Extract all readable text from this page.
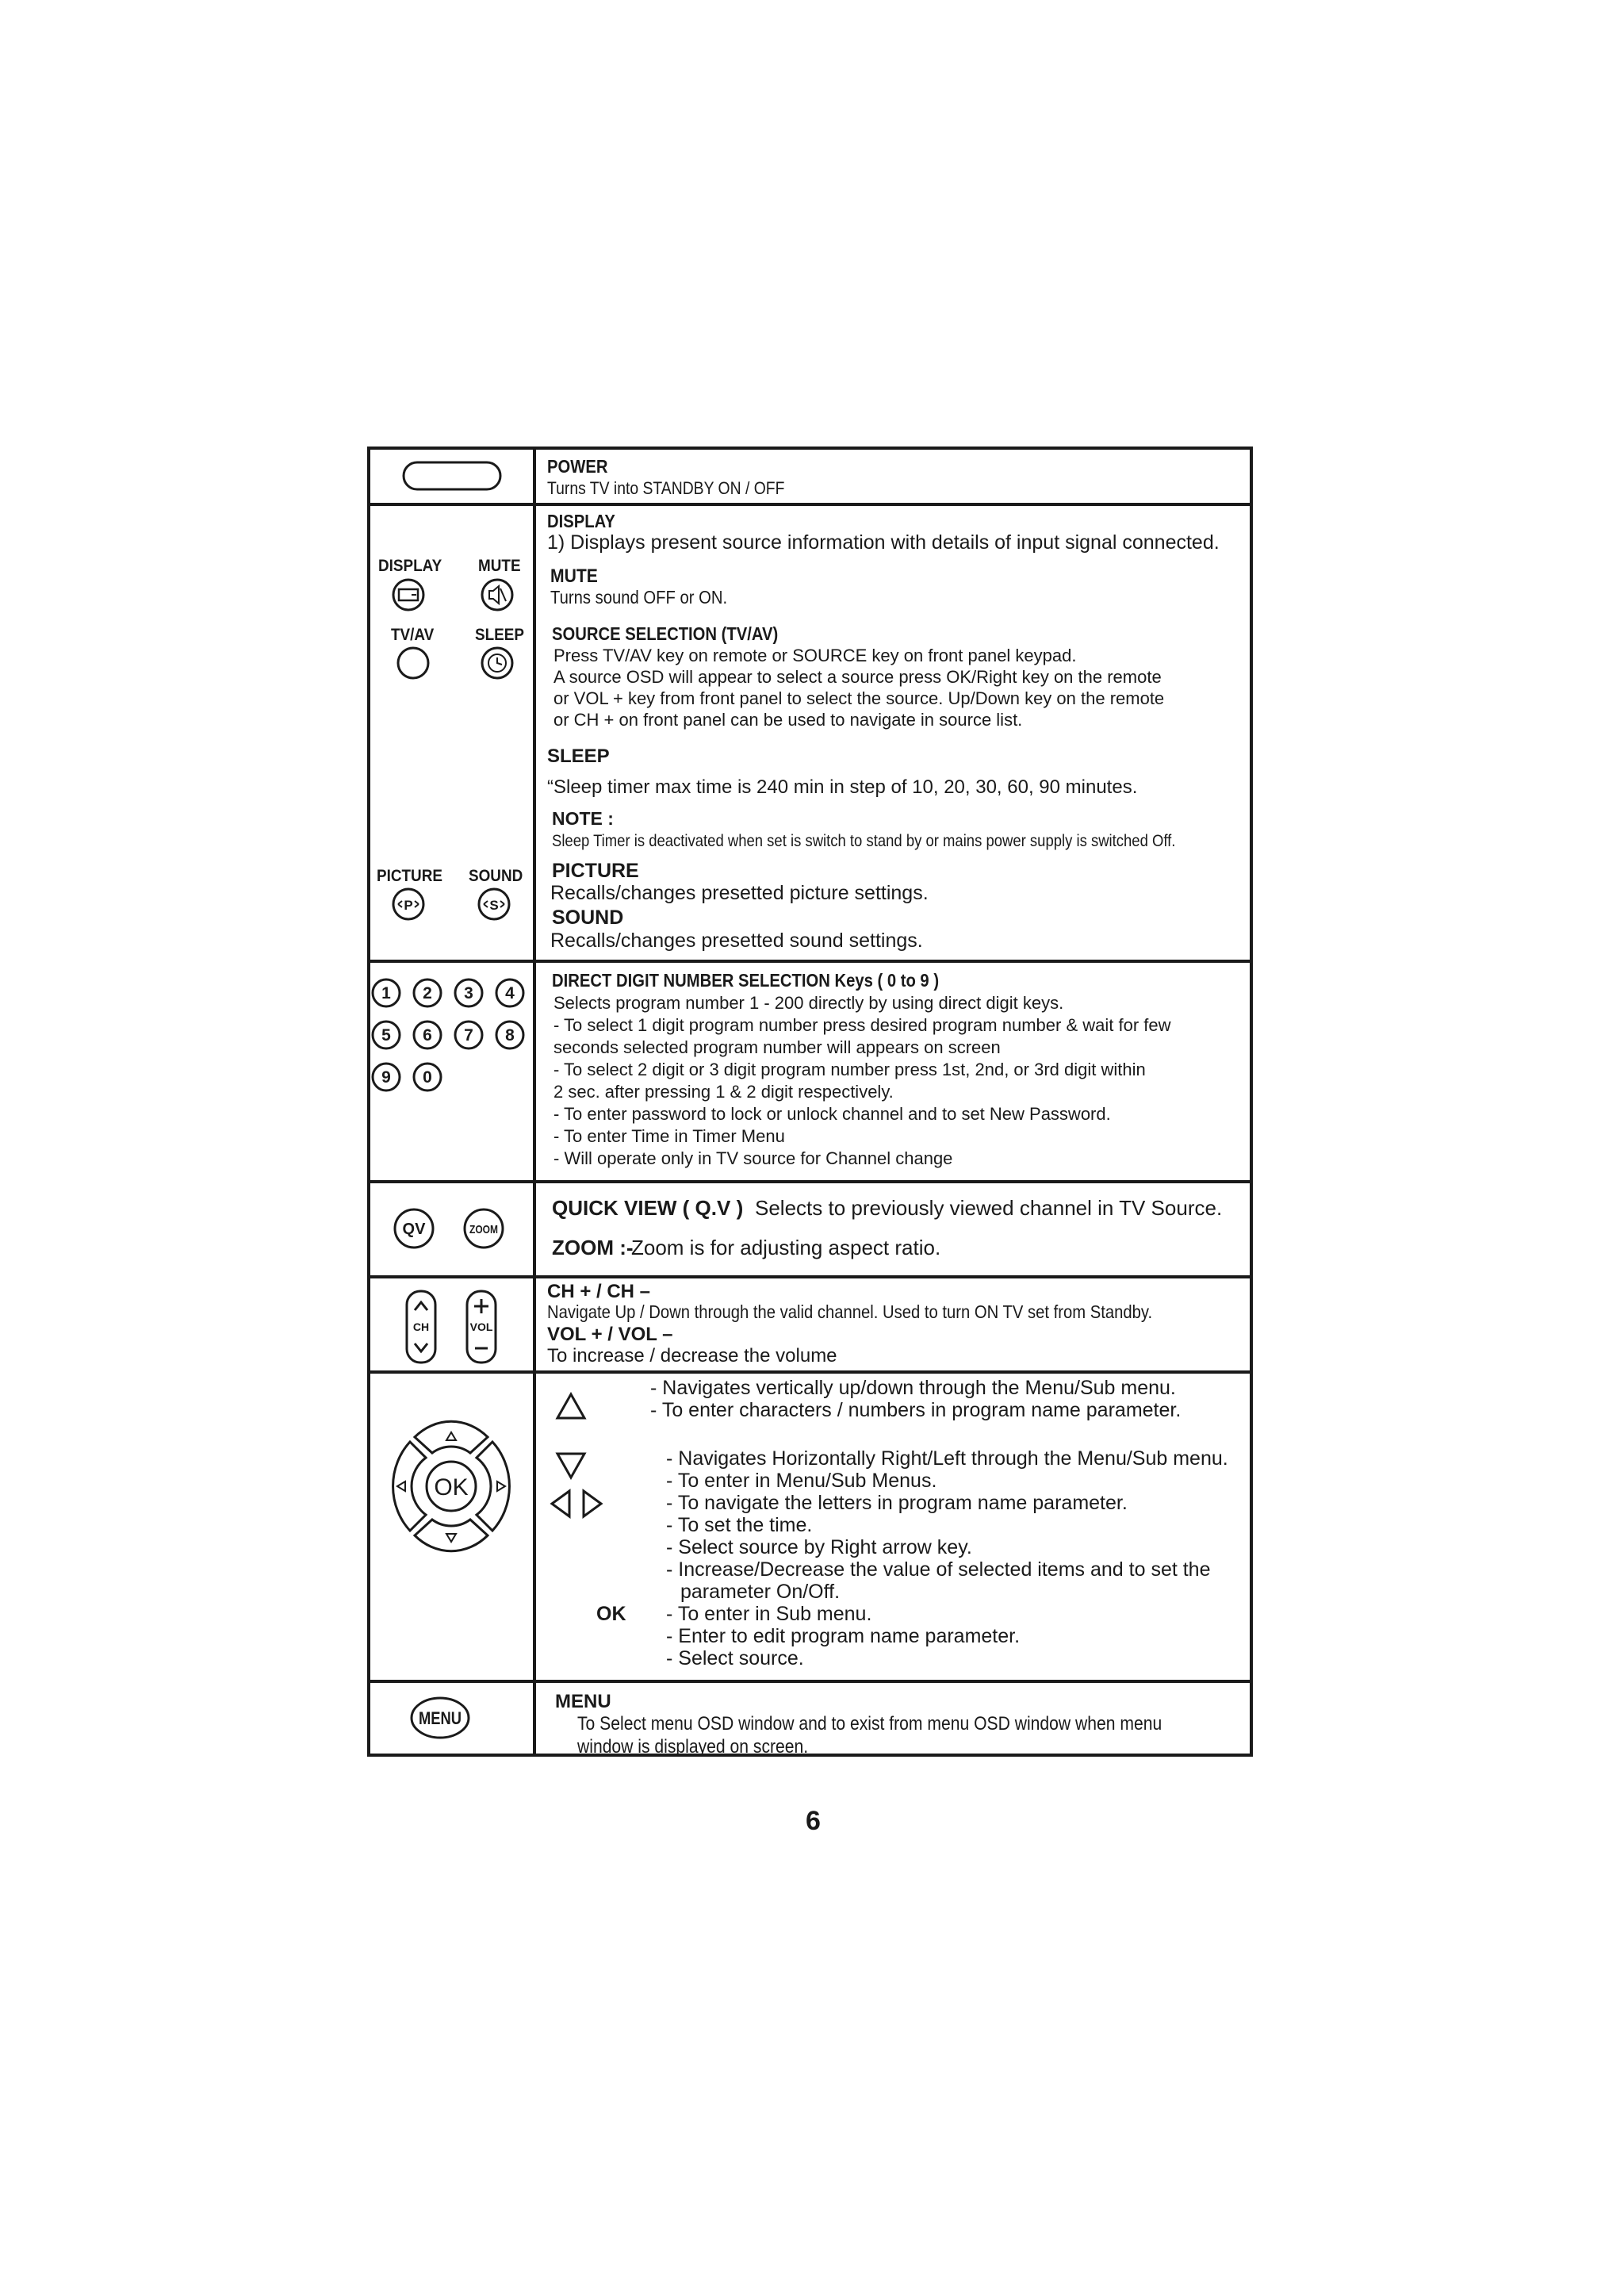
POWER
Turns TV into STANDBY ON / OFF
DISPLAY MUTE
TV/AV SLEEP
PICTURE SOUND
P	S
DISPLAY
1) Displays present source information with details of input signal connected.
MUTE
Turns sound OFF or ON.
SOURCE SELECTION (TV/AV)
Press TV/AV key on remote or SOURCE key on front panel keypad.
A source OSD will appear to select a source press OK/Right key on the remote
or VOL + key from front panel to select the source. Up/Down key on the remote
or CH + on front panel can be used to navigate in source list.
SLEEP
“Sleep timer max time is 240 min in step of 10, 20, 30, 60, 90 minutes.
NOTE :
Sleep Timer is deactivated when set is switch to stand by or mains power supply is switched Off.
PICTURE
Recalls/changes presetted picture settings.
SOUND
Recalls/changes presetted sound settings.
1 2 3 4
5 6 7 8
9 0
DIRECT DIGIT NUMBER SELECTION Keys ( 0 to 9 )
Selects program number 1 - 200 directly by using direct digit keys.
- To select 1 digit program number press desired program number & wait for few
seconds selected program number will appears on screen
- To select 2 digit or 3 digit program number press 1st, 2nd, or 3rd digit within
2 sec. after pressing 1 & 2 digit respectively.
- To enter password to lock or unlock channel and to set New Password.
- To enter Time in Timer Menu
- Will operate only in TV source for Channel change
QV	ZOOM
QUICK VIEW ( Q.V ) Selects to previously viewed channel in TV Source.
ZOOM :-
Zoom is for adjusting aspect ratio.
CH	VOL
CH + / CH –
Navigate Up / Down through the valid channel. Used to turn ON TV set from Standby.
VOL + / VOL –
To increase / decrease the volume
OK
- Navigates vertically up/down through the Menu/Sub menu.
- To enter characters / numbers in program name parameter.
- Navigates Horizontally Right/Left through the Menu/Sub menu.
- To enter in Menu/Sub Menus.
- To navigate the letters in program name parameter.
- To set the time.
- Select source by Right arrow key.
- Increase/Decrease the value of selected items and to set the
parameter On/Off.
OK - To enter in Sub menu.
- Enter to edit program name parameter.
- Select source.
MENU
MENU
To Select menu OSD window and to exist from menu OSD window when menu
window is displayed on screen.
6
